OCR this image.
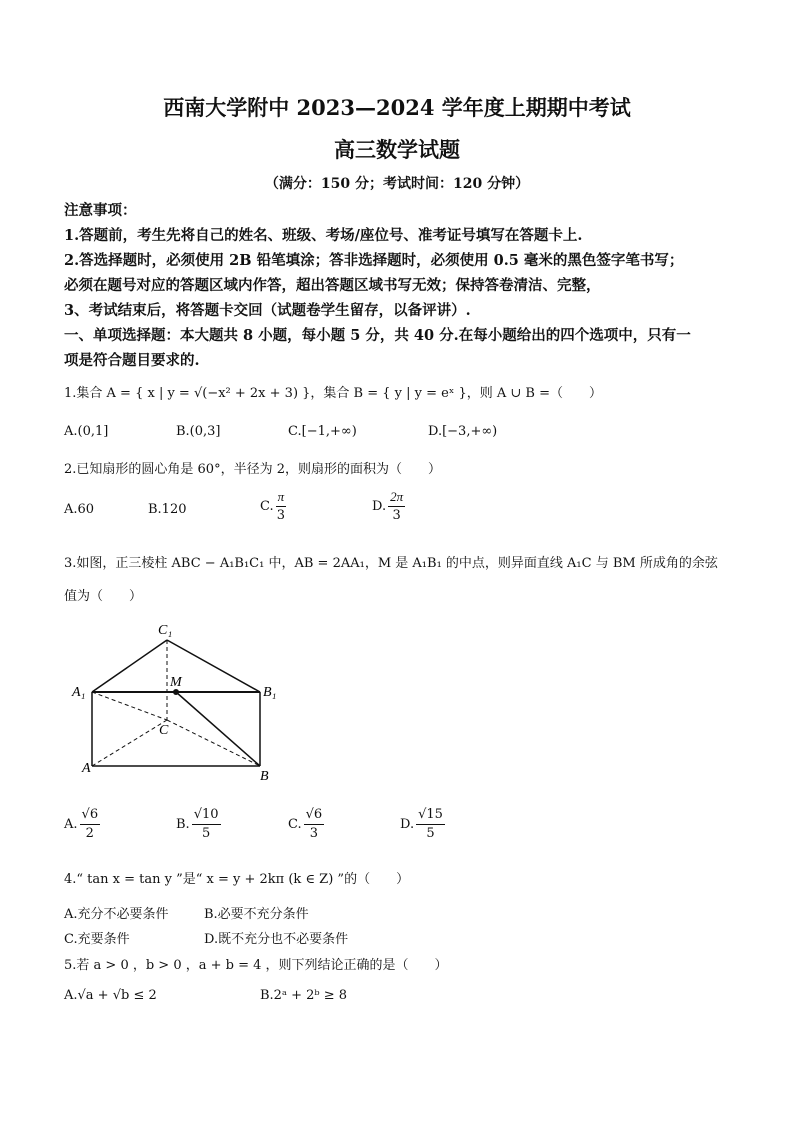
西南大学附中 2023—2024 学年度上期期中考试
高三数学试题
（满分：150 分；考试时间：120 分钟）
注意事项：
1.答题前，考生先将自己的姓名、班级、考场/座位号、准考证号填写在答题卡上.
2.答选择题时，必须使用 2B 铅笔填涂；答非选择题时，必须使用 0.5 毫米的黑色签字笔书写；
必须在题号对应的答题区域内作答，超出答题区域书写无效；保持答卷清洁、完整，
3、考试结束后，将答题卡交回（试题卷学生留存，以备评讲）.
一、单项选择题：本大题共 8 小题，每小题 5 分，共 40 分.在每小题给出的四个选项中，只有一
项是符合题目要求的.
1.集合 A = { x | y = √(−x² + 2x + 3) }，集合 B = { y | y = eˣ }，则 A ∪ B =（　　）
A.(0,1]	B.(0,3]	C.[−1,+∞)	D.[−3,+∞)
2.已知扇形的圆心角是 60°，半径为 2，则扇形的面积为（　　）
A.60	B.120	C. $\frac{\pi}{3}$	D. $\frac{2\pi}{3}$
3.如图，正三棱柱 ABC − A₁B₁C₁ 中，AB = 2AA₁，M 是 A₁B₁ 的中点，则异面直线 A₁C 与 BM 所成角的余弦
值为（　　）
C₁
A₁
M
B₁
C
A
B
A. $\frac{√6}{2}$	B. $\frac{√10}{5}$	C. $\frac{√6}{3}$	D. $\frac{√15}{5}$
4.“ tan x = tan y ”是“ x = y + 2kπ (k ∈ Z) ”的（　　）
A.充分不必要条件	B.必要不充分条件
C.充要条件	D.既不充分也不必要条件
5.若 a > 0 ，b > 0 ，a + b = 4 ，则下列结论正确的是（　　）
A.√a + √b ≤ 2	B.2ᵃ + 2ᵇ ≥ 8
